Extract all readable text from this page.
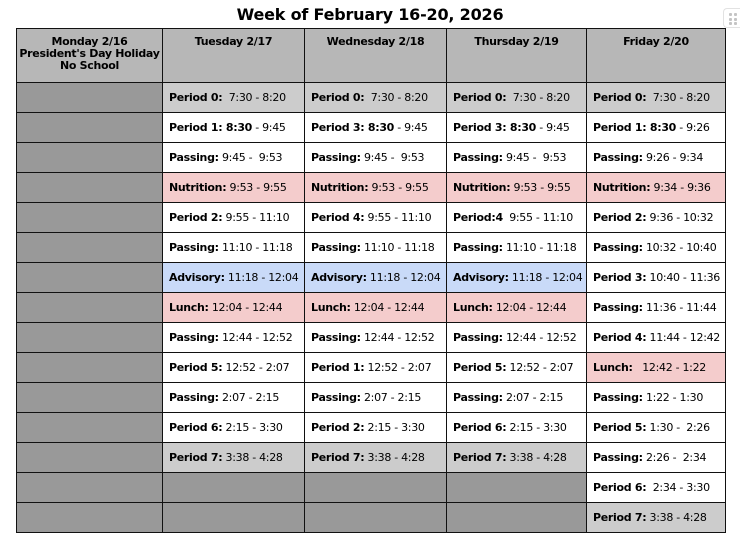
Week of February 16-20, 2026
Monday 2/16
President's Day Holiday
No School	Tuesday 2/17	Wednesday 2/18	Thursday 2/19	Friday 2/20
	Period 0:  7:30 - 8:20	Period 0:  7:30 - 8:20	Period 0:  7:30 - 8:20	Period 0:  7:30 - 8:20
	Period 1: 8:30 - 9:45	Period 3: 8:30 - 9:45	Period 3: 8:30 - 9:45	Period 1: 8:30 - 9:26
	Passing: 9:45 -  9:53	Passing: 9:45 -  9:53	Passing: 9:45 -  9:53	Passing: 9:26 - 9:34
	Nutrition: 9:53 - 9:55	Nutrition: 9:53 - 9:55	Nutrition: 9:53 - 9:55	Nutrition: 9:34 - 9:36
	Period 2: 9:55 - 11:10	Period 4: 9:55 - 11:10	Period:4  9:55 - 11:10	Period 2: 9:36 - 10:32
	Passing: 11:10 - 11:18	Passing: 11:10 - 11:18	Passing: 11:10 - 11:18	Passing: 10:32 - 10:40
	Advisory: 11:18 - 12:04	Advisory: 11:18 - 12:04	Advisory: 11:18 - 12:04	Period 3: 10:40 - 11:36
	Lunch: 12:04 - 12:44	Lunch: 12:04 - 12:44	Lunch: 12:04 - 12:44	Passing: 11:36 - 11:44
	Passing: 12:44 - 12:52	Passing: 12:44 - 12:52	Passing: 12:44 - 12:52	Period 4: 11:44 - 12:42
	Period 5: 12:52 - 2:07	Period 1: 12:52 - 2:07	Period 5: 12:52 - 2:07	Lunch:   12:42 - 1:22
	Passing: 2:07 - 2:15	Passing: 2:07 - 2:15	Passing: 2:07 - 2:15	Passing: 1:22 - 1:30
	Period 6: 2:15 - 3:30	Period 2: 2:15 - 3:30	Period 6: 2:15 - 3:30	Period 5: 1:30 -  2:26
	Period 7: 3:38 - 4:28	Period 7: 3:38 - 4:28	Period 7: 3:38 - 4:28	Passing: 2:26 -  2:34
				Period 6:  2:34 - 3:30
				Period 7: 3:38 - 4:28
